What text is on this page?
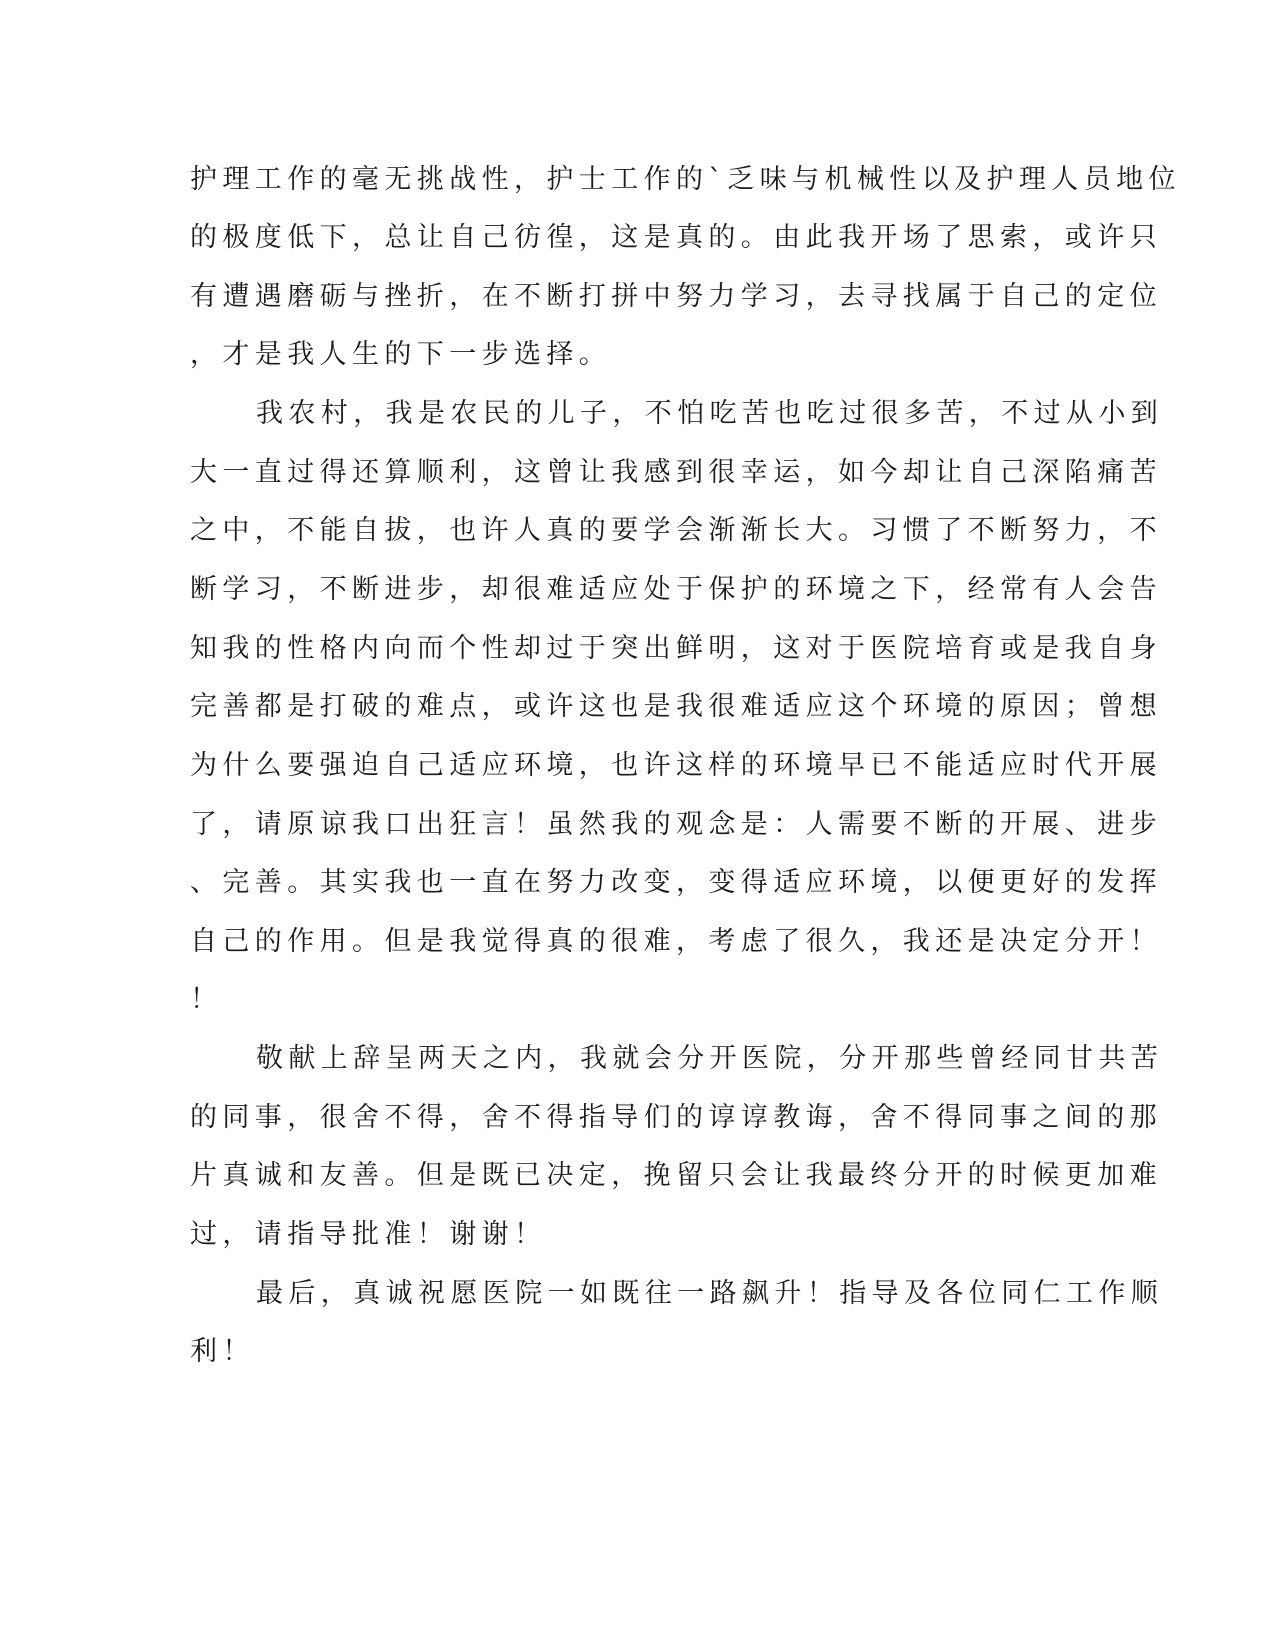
护理工作的毫无挑战性，护士工作的`乏味与机械性以及护理人员地位

的极度低下，总让自己彷徨，这是真的。由此我开场了思索，或许只

有遭遇磨砺与挫折，在不断打拼中努力学习，去寻找属于自己的定位

，才是我人生的下一步选择。

我农村，我是农民的儿子，不怕吃苦也吃过很多苦，不过从小到

大一直过得还算顺利，这曾让我感到很幸运，如今却让自己深陷痛苦

之中，不能自拔，也许人真的要学会渐渐长大。习惯了不断努力，不

断学习，不断进步，却很难适应处于保护的环境之下，经常有人会告

知我的性格内向而个性却过于突出鲜明，这对于医院培育或是我自身

完善都是打破的难点，或许这也是我很难适应这个环境的原因；曾想

为什么要强迫自己适应环境，也许这样的环境早已不能适应时代开展

了，请原谅我口出狂言！虽然我的观念是：人需要不断的开展、进步

、完善。其实我也一直在努力改变，变得适应环境，以便更好的发挥

自己的作用。但是我觉得真的很难，考虑了很久，我还是决定分开！

！

敬献上辞呈两天之内，我就会分开医院，分开那些曾经同甘共苦

的同事，很舍不得，舍不得指导们的谆谆教诲，舍不得同事之间的那

片真诚和友善。但是既已决定，挽留只会让我最终分开的时候更加难

过，请指导批准！谢谢！

最后，真诚祝愿医院一如既往一路飙升！指导及各位同仁工作顺

利！
